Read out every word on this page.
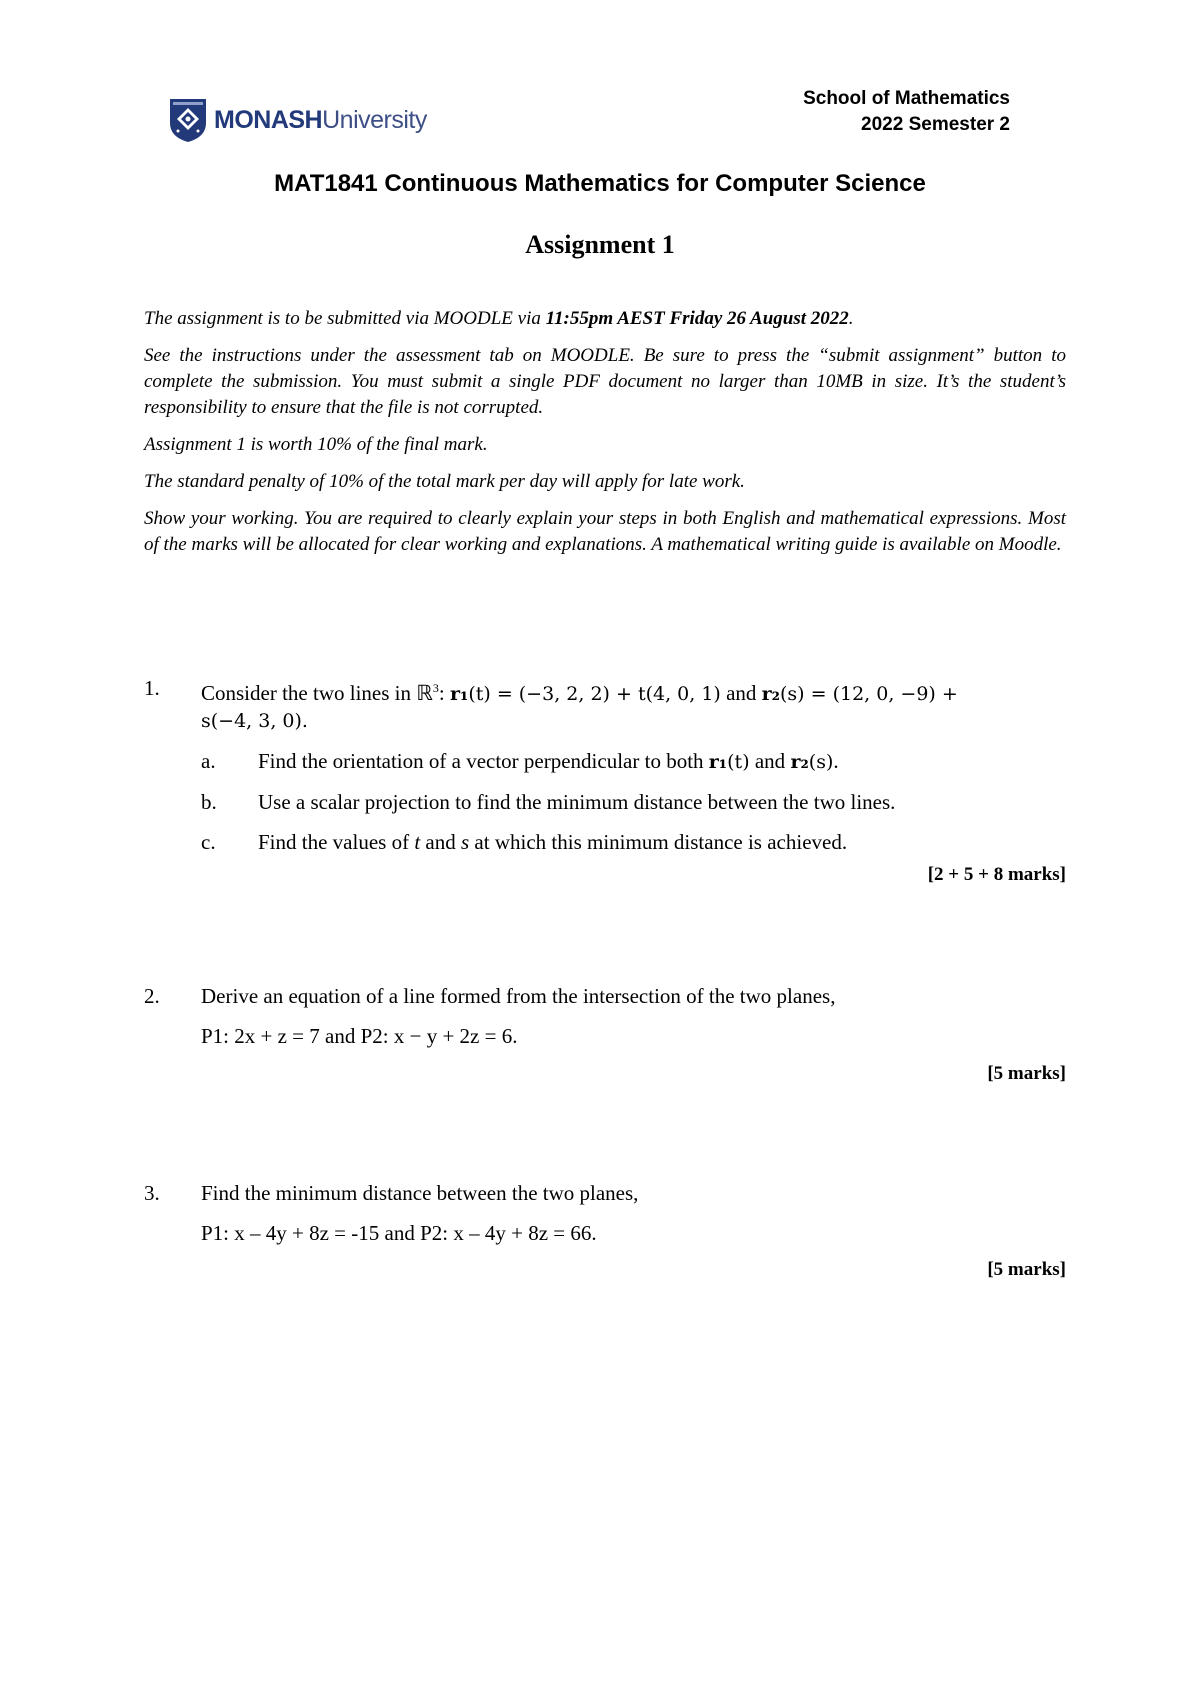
MONASHUniversity
School of Mathematics
2022 Semester 2
MAT1841 Continuous Mathematics for Computer Science
Assignment 1

The assignment is to be submitted via MOODLE via 11:55pm AEST Friday 26 August 2022.

See the instructions under the assessment tab on MOODLE. Be sure to press the “submit assignment” button to complete the submission. You must submit a single PDF document no larger than 10MB in size. It’s the student’s responsibility to ensure that the file is not corrupted.

Assignment 1 is worth 10% of the final mark.

The standard penalty of 10% of the total mark per day will apply for late work.

Show your working. You are required to clearly explain your steps in both English and mathematical expressions. Most of the marks will be allocated for clear working and explanations. A mathematical writing guide is available on Moodle.

1. Consider the two lines in ℝ$^3$: r₁(t) = (−3, 2, 2) + t(4, 0, 1) and r₂(s) = (12, 0, −9) +
s(−4, 3, 0).
a. Find the orientation of a vector perpendicular to both r₁(t) and r₂(s).
b. Use a scalar projection to find the minimum distance between the two lines.
c. Find the values of t and s at which this minimum distance is achieved.
[2 + 5 + 8 marks]
2. Derive an equation of a line formed from the intersection of the two planes,
P1: 2x + z = 7 and P2: x − y + 2z = 6.
[5 marks]
3. Find the minimum distance between the two planes,
P1: x – 4y + 8z = -15 and P2: x – 4y + 8z = 66.
[5 marks]
